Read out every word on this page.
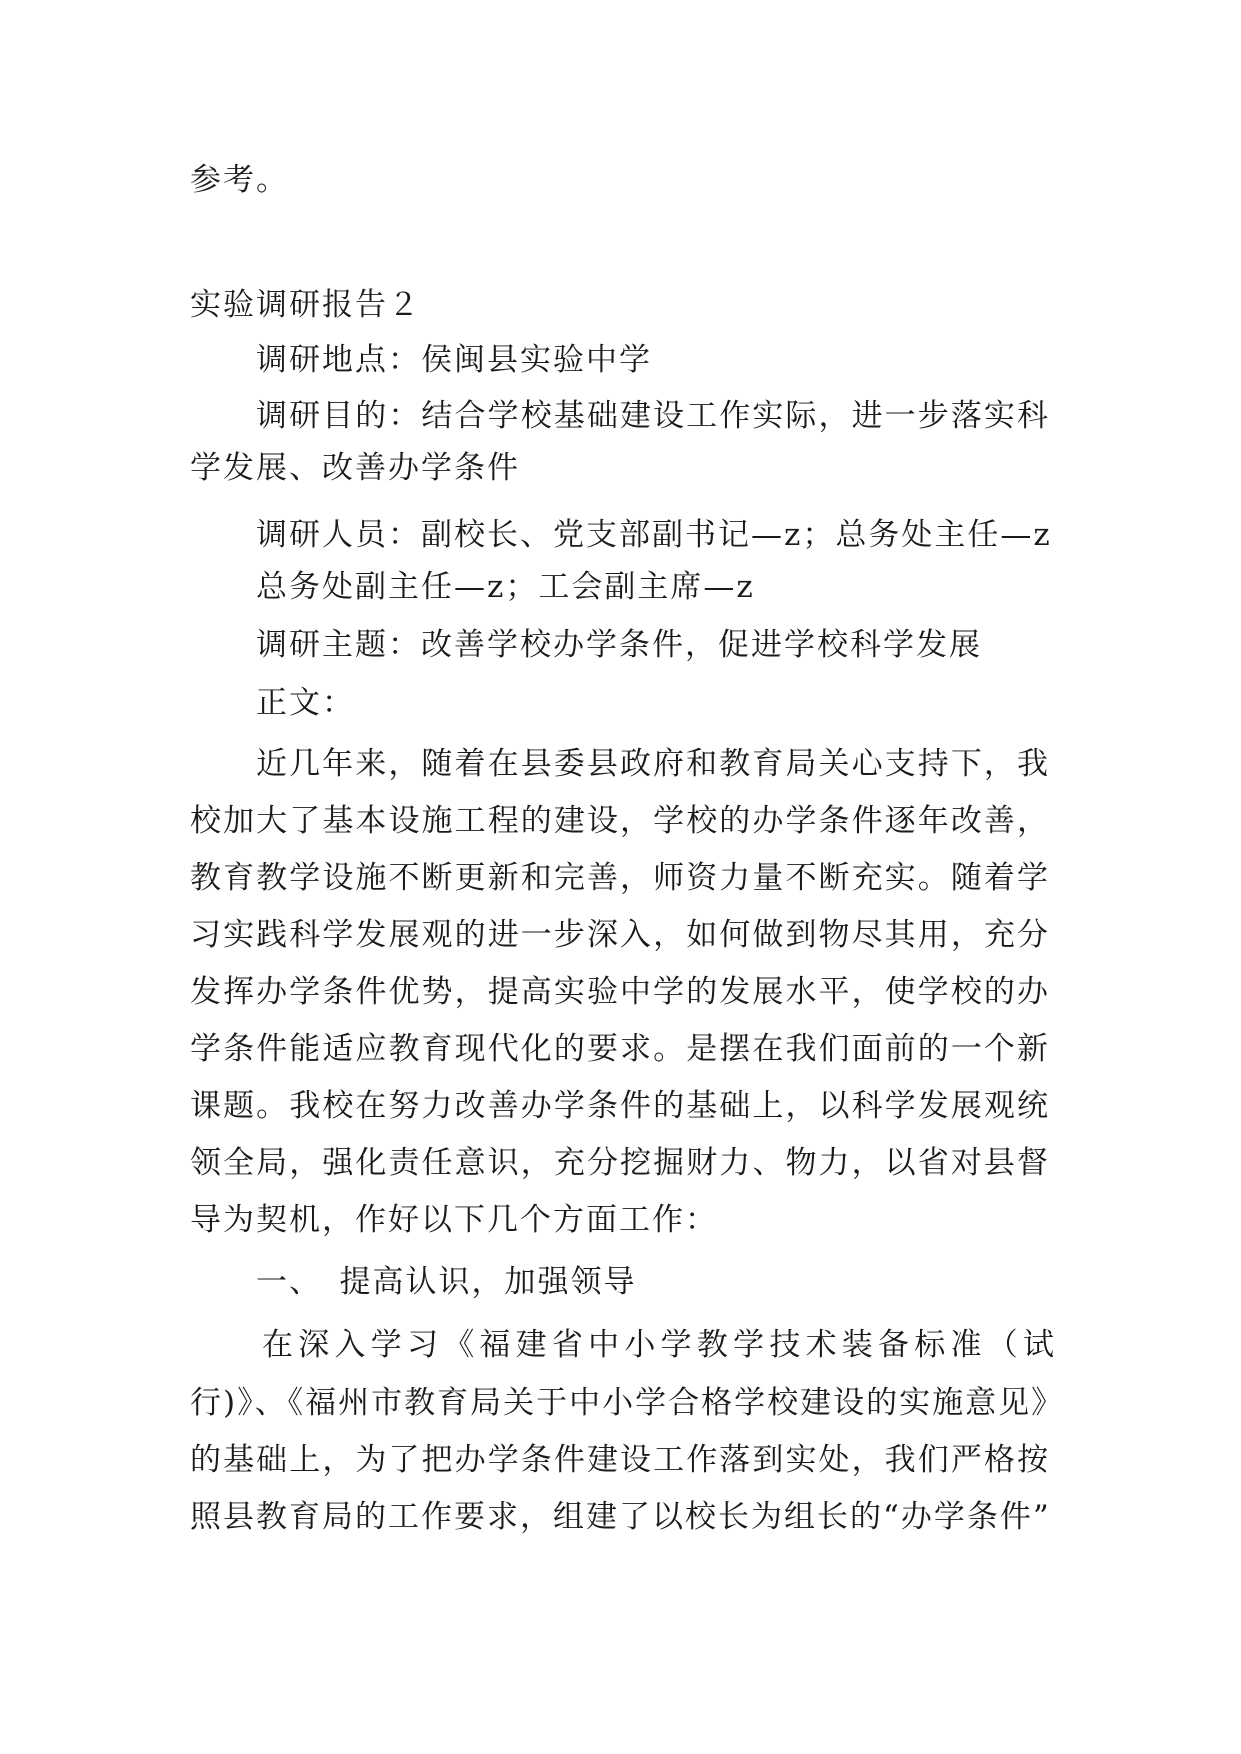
参考。
实验调研报告２
调研地点：侯闽县实验中学
调研目的：结合学校基础建设工作实际，进一步落实科
学发展、改善办学条件
调研人员：副校长、党支部副书记—z；总务处主任—z
总务处副主任—z；工会副主席—z
调研主题：改善学校办学条件，促进学校科学发展
正文：
近几年来，随着在县委县政府和教育局关心支持下，我
校加大了基本设施工程的建设，学校的办学条件逐年改善，
教育教学设施不断更新和完善，师资力量不断充实。随着学
习实践科学发展观的进一步深入，如何做到物尽其用，充分
发挥办学条件优势，提高实验中学的发展水平，使学校的办
学条件能适应教育现代化的要求。是摆在我们面前的一个新
课题。我校在努力改善办学条件的基础上，以科学发展观统
领全局，强化责任意识，充分挖掘财力、物力，以省对县督
导为契机，作好以下几个方面工作：
一、　提高认识，加强领导
在深入学习《福建省中小学教学技术装备标准（试
行)》、《福州市教育局关于中小学合格学校建设的实施意见》
的基础上，为了把办学条件建设工作落到实处，我们严格按
照县教育局的工作要求，组建了以校长为组长的“办学条件”
